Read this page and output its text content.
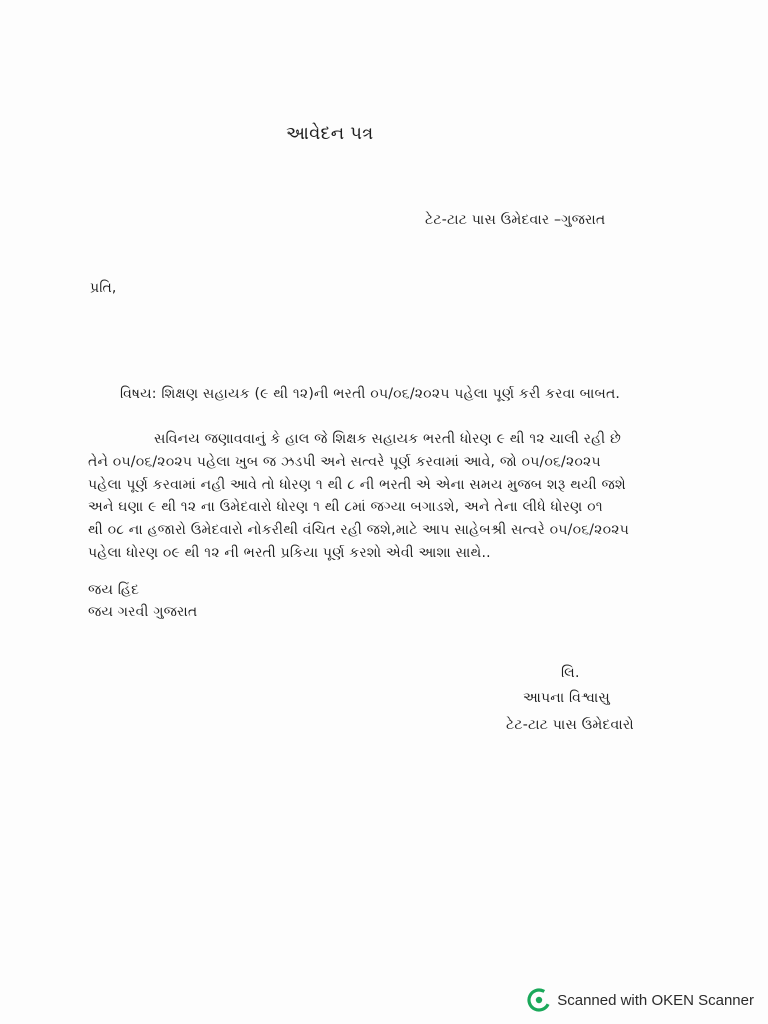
આવેદન પત્ર
ટેટ-ટાટ પાસ ઉમેદવાર –ગુજરાત
પ્રતિ,
વિષય: શિક્ષણ સહાયક (૯ થી ૧૨)ની ભરતી ૦૫/૦૬/૨૦૨૫ પહેલા પૂર્ણ કરી કરવા બાબત.
સવિનય જણાવવાનું કે હાલ જે શિક્ષક સહાયક ભરતી ધોરણ ૯ થી ૧૨ ચાલી રહી છે
તેને ૦૫/૦૬/૨૦૨૫ પહેલા ખુબ જ ઝડપી અને સત્વરે પૂર્ણ કરવામાં આવે, જો ૦૫/૦૬/૨૦૨૫
પહેલા પૂર્ણ કરવામાં નહી આવે તો ધોરણ ૧ થી ૮ ની ભરતી એ એના સમય મુજબ શરૂ થયી જશે
અને ઘણા ૯ થી ૧૨ ના ઉમેદવારો ધોરણ ૧ થી ૮માં જગ્યા બગાડશે, અને તેના લીધે ધોરણ ૦૧
થી ૦૮ ના હજારો ઉમેદવારો નોકરીથી વંચિત રહી જશે,માટે આપ સાહેબશ્રી સત્વરે ૦૫/૦૬/૨૦૨૫
પહેલા ધોરણ ૦૯ થી ૧૨ ની ભરતી પ્રકિયા પૂર્ણ કરશો એવી આશા સાથે..
જય હિંદ
જય ગરવી ગુજરાત
લિ.
આપના વિશ્વાસુ
ટેટ-ટાટ પાસ ઉમેદવારો
Scanned with OKEN Scanner
